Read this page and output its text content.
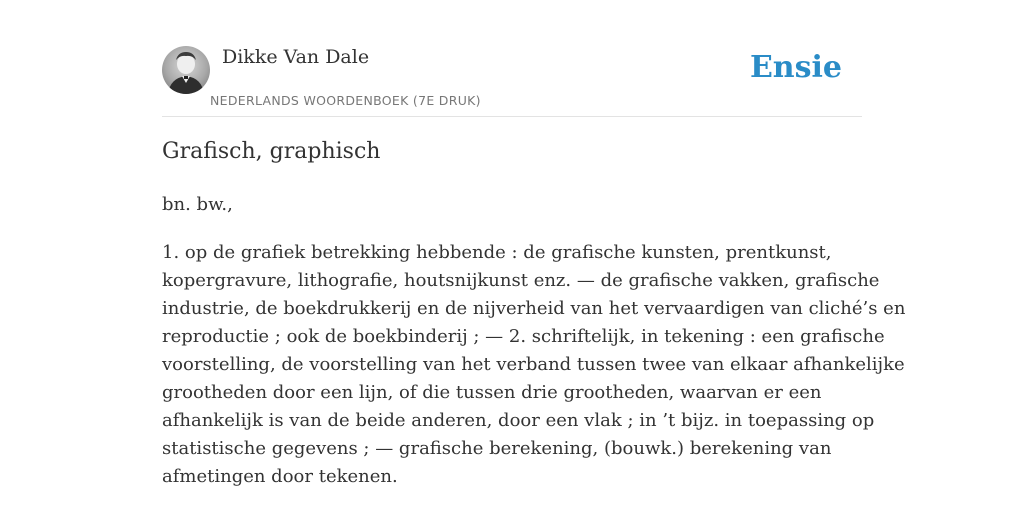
Dikke Van Dale
NEDERLANDS WOORDENBOEK (7E DRUK)
Ensie
Grafisch, graphisch

bn. bw.,

1. op de grafiek betrekking hebbende : de grafische kunsten, prentkunst,
kopergravure, lithografie, houtsnijkunst enz. — de grafische vakken, grafische
industrie, de boekdrukkerij en de nijverheid van het vervaardigen van cliché’s en
reproductie ; ook de boekbinderij ; — 2. schriftelijk, in tekening : een grafische
voorstelling, de voorstelling van het verband tussen twee van elkaar afhankelijke
grootheden door een lijn, of die tussen drie grootheden, waarvan er een
afhankelijk is van de beide anderen, door een vlak ; in ’t bijz. in toepassing op
statistische gegevens ; — grafische berekening, (bouwk.) berekening van
afmetingen door tekenen.
